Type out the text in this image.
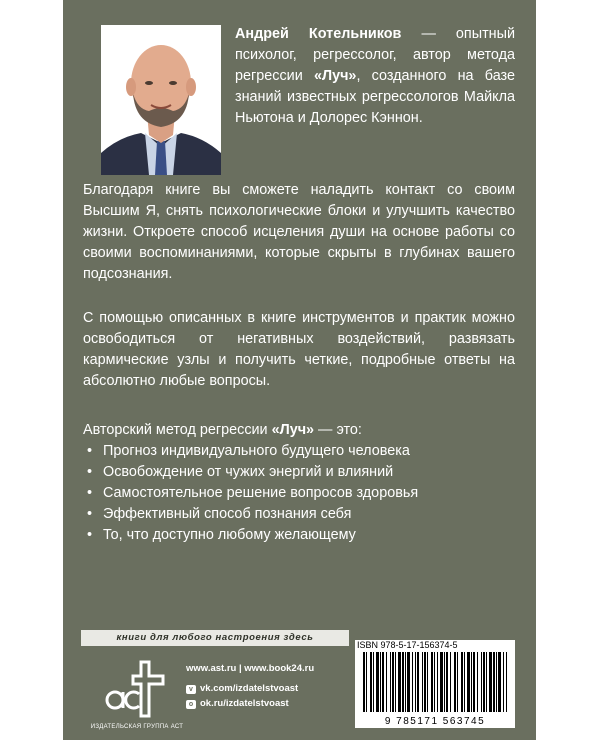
Андрей Котельников — опытный психолог, регрессолог, автор метода регрессии «Луч», созданного на базе знаний известных регрессологов Майкла Ньютона и Долорес Кэннон.

Благодаря книге вы сможете наладить контакт со своим Высшим Я, снять психологические блоки и улучшить качество жизни. Откроете способ исцеления души на основе работы со своими воспоминаниями, которые скрыты в глубинах вашего подсознания.

С помощью описанных в книге инструментов и практик можно освободиться от негативных воздействий, развязать кармические узлы и получить четкие, подробные ответы на абсолютно любые вопросы.

Авторский метод регрессии «Луч» — это:
• Прогноз индивидуального будущего человека
• Освобождение от чужих энергий и влияний
• Самостоятельное решение вопросов здоровья
• Эффективный способ познания себя
• То, что доступно любому желающему
книги для любого настроения здесь
ИЗДАТЕЛЬСКАЯ ГРУППА АСТ
www.ast.ru | www.book24.ru
v vk.com/izdatelstvoast
o ok.ru/izdatelstvoast
ISBN 978-5-17-156374-5
9 785171 563745
